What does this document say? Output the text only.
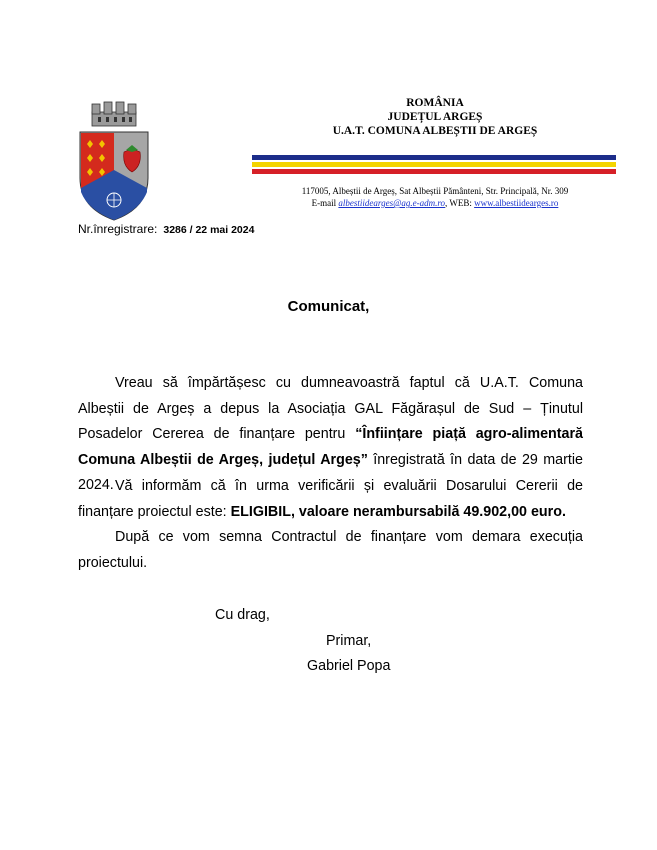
ROMÂNIA
JUDEȚUL ARGEȘ
U.A.T. COMUNA ALBEȘTII DE ARGEȘ
117005, Albeștii de Argeș, Sat Albeștii Pământeni, Str. Principală, Nr. 309
E-mail albestiidearges@ag.e-adm.ro, WEB: www.albestiidearges.ro
Nr.înregistrare: 3286 / 22 mai 2024
Comunicat,
Vreau să împărtășesc cu dumneavoastră faptul că U.A.T. Comuna Albeștii de Argeș a depus la Asociația GAL Făgărașul de Sud – Ținutul Posadelor Cererea de finanțare pentru “Înființare piață agro-alimentară Comuna Albeștii de Argeș, județul Argeș” înregistrată în data de 29 martie 2024. Vă informăm că în urma verificării și evaluării Dosarului Cererii de finanțare proiectul este: ELIGIBIL, valoare nerambursabilă 49.902,00 euro.
După ce vom semna Contractul de finanțare vom demara execuția proiectului.
Cu drag,
Primar,
Gabriel Popa
